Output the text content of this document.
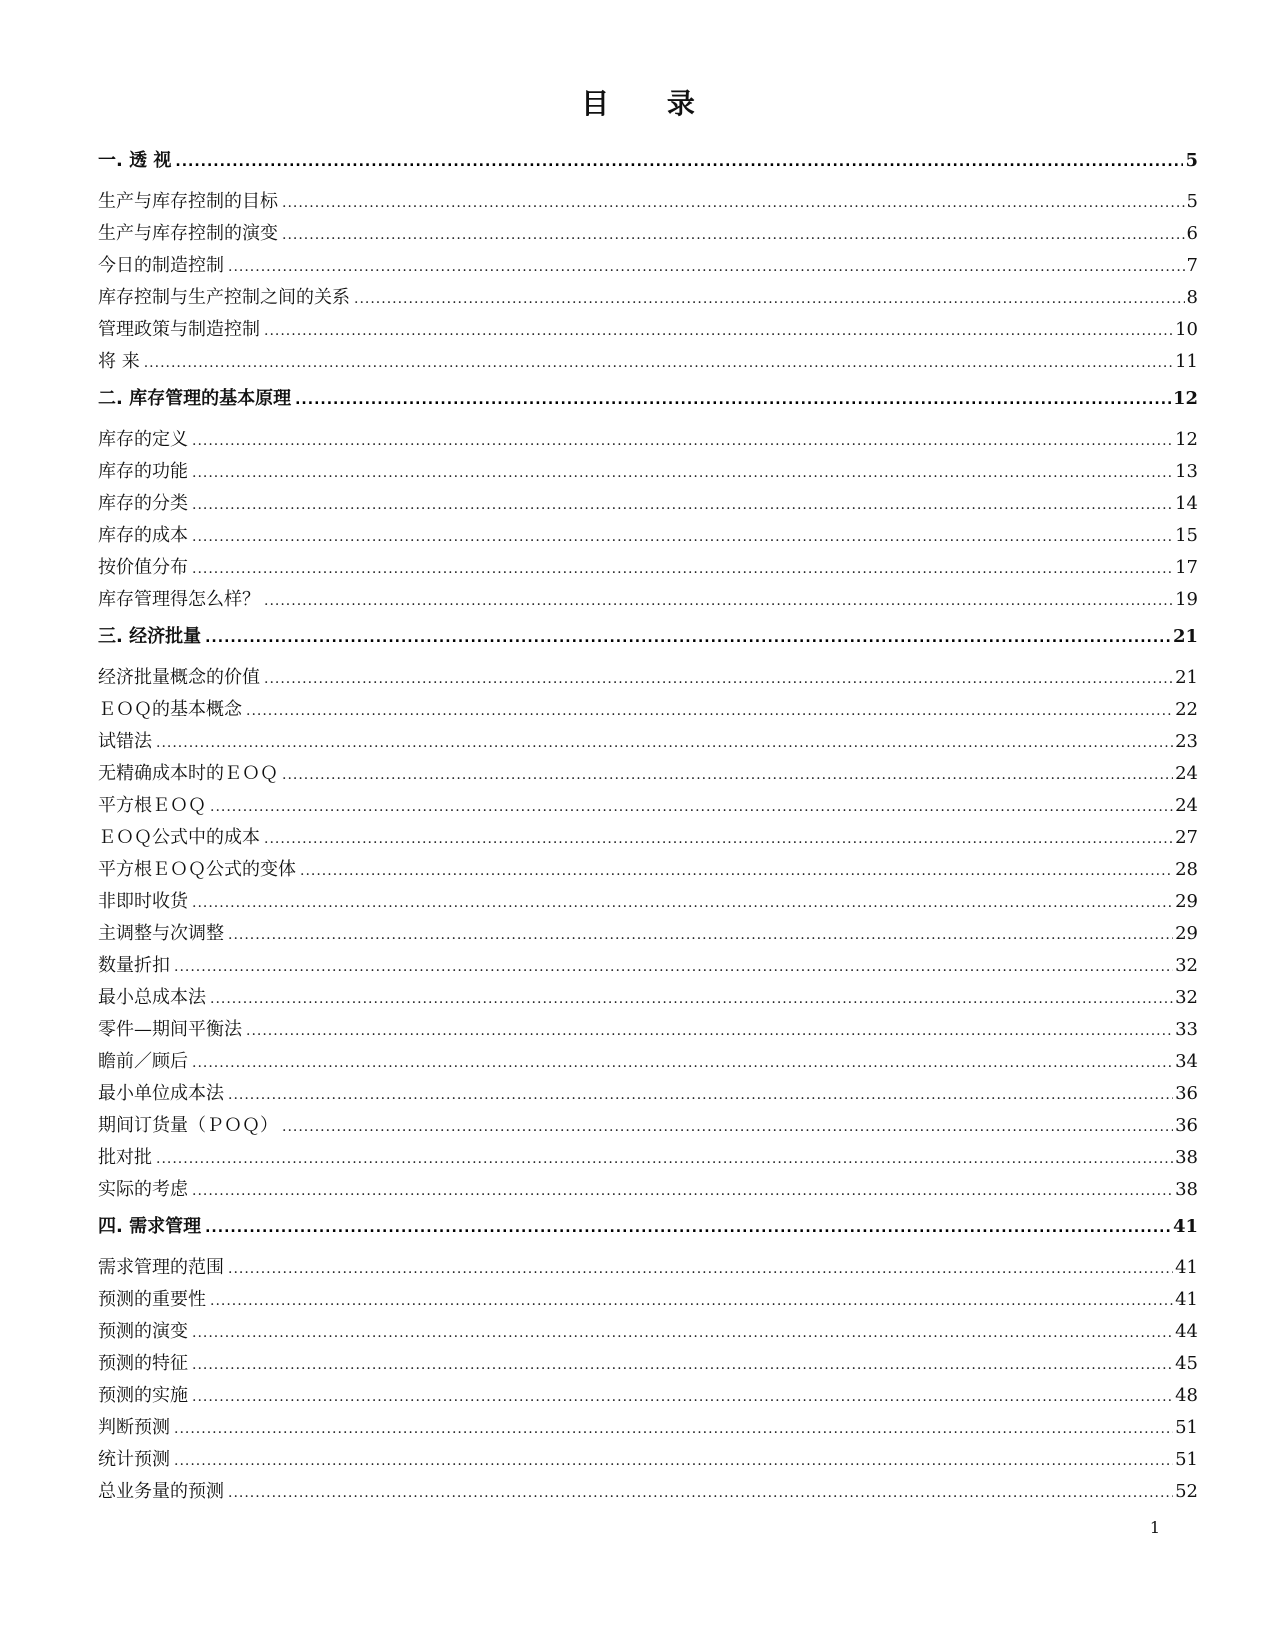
目 录
一. 透 视 .....	5
生产与库存控制的目标 .....	5
生产与库存控制的演变 .....	6
今日的制造控制 .....	7
库存控制与生产控制之间的关系 .....	8
管理政策与制造控制 .....	10
将 来 .....	11
二. 库存管理的基本原理 .....	12
库存的定义 .....	12
库存的功能 .....	13
库存的分类 .....	14
库存的成本 .....	15
按价值分布 .....	17
库存管理得怎么样？ .....	19
三. 经济批量 .....	21
经济批量概念的价值 .....	21
ＥＯＱ的基本概念 .....	22
试错法 .....	23
无精确成本时的ＥＯＱ .....	24
平方根ＥＯＱ .....	24
ＥＯＱ公式中的成本 .....	27
平方根ＥＯＱ公式的变体 .....	28
非即时收货 .....	29
主调整与次调整 .....	29
数量折扣 .....	32
最小总成本法 .....	32
零件—期间平衡法 .....	33
瞻前／顾后 .....	34
最小单位成本法 .....	36
期间订货量（ＰＯＱ） .....	36
批对批 .....	38
实际的考虑 .....	38
四. 需求管理 .....	41
需求管理的范围 .....	41
预测的重要性 .....	41
预测的演变 .....	44
预测的特征 .....	45
预测的实施 .....	48
判断预测 .....	51
统计预测 .....	51
总业务量的预测 .....	52
1
